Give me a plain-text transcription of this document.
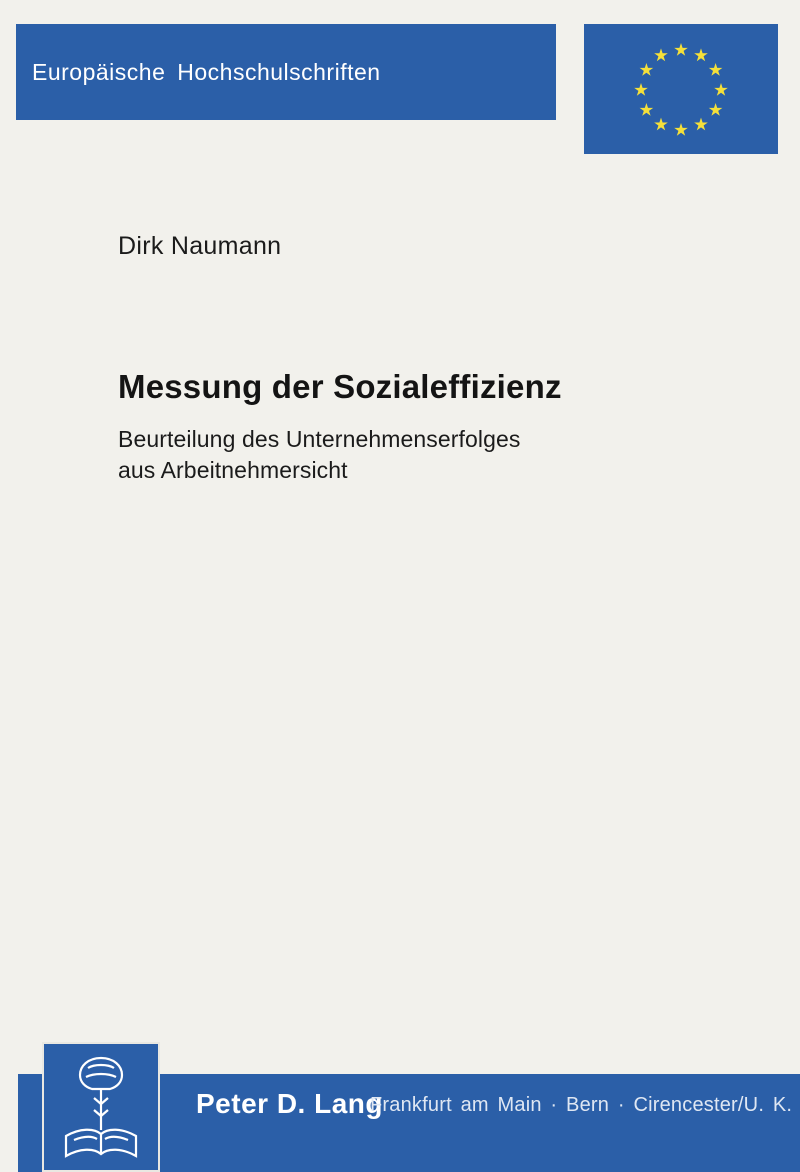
Europäische Hochschulschriften
Dirk Naumann
Messung der Sozialeffizienz
Beurteilung des Unternehmenserfolges
aus Arbeitnehmersicht
Peter D. Lang
Frankfurt am Main · Bern · Cirencester/U. K.
